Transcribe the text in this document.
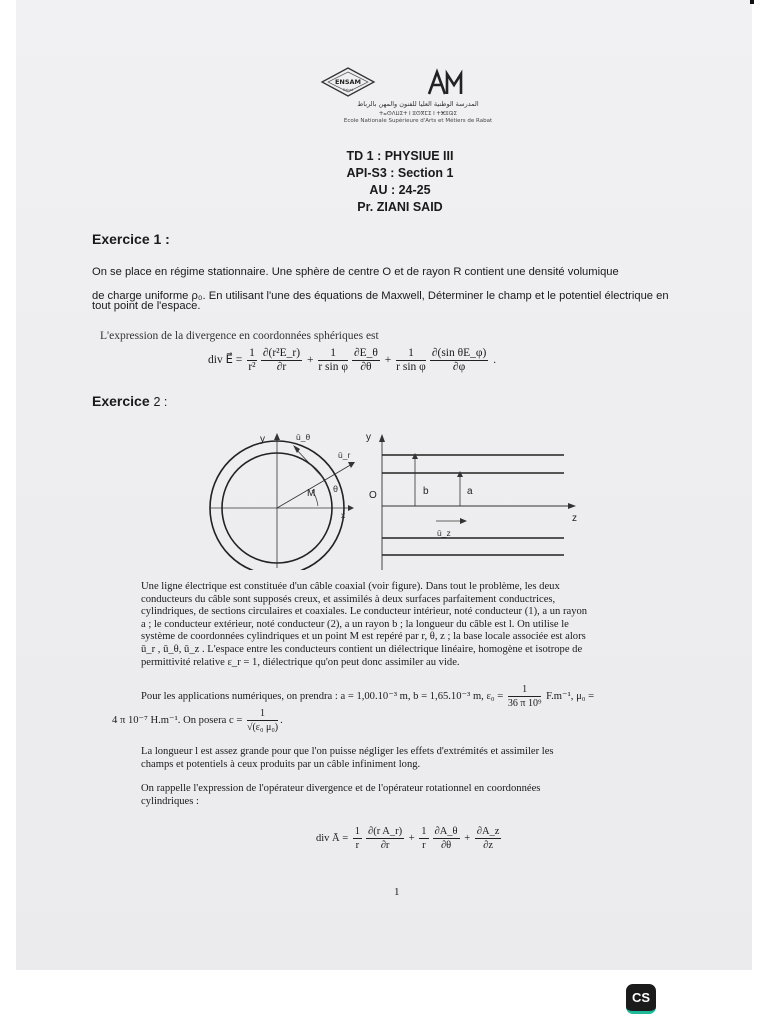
ENSAM
Rabat
AM
المدرسة الوطنية العليا للفنون والمهن بالرباط
ⵜⴰⵙⴷⵡⵉⵜ ⵏ ⵓⵙⴳⵎⵉ ⵏ ⵜⵥⵓⵕⵉ
Ecole Nationale Supérieure d'Arts et Métiers de Rabat
TD 1 : PHYSIUE III
API-S3 : Section 1
AU : 24-25
Pr. ZIANI SAID
Exercice 1 :
On se place en régime stationnaire. Une sphère de centre O et de rayon R contient une densité volumique
de charge uniforme ρ₀. En utilisant l'une des équations de Maxwell, Déterminer le champ et le potentiel électrique en
tout point de l'espace.
L'expression de la divergence en coordonnées sphériques est
div E⃗ = $\frac{1}{\text{r²}} \frac{\text{∂(r²E\_r)}}{\partial r} + \frac{1}{\text{r sin φ}} \frac{\partial E\_\theta}{\partial\theta} + \frac{1}{\text{r sin φ}} \frac{\text{∂(sin θE\_φ)}}{\partial\varphi}$ .
Exercice 2 :
y	ū_θ
ū_r
M θ
x
y
O	b	a
z
ū_z
Une ligne électrique est constituée d'un câble coaxial (voir figure). Dans tout le problème, les deux
conducteurs du câble sont supposés creux, et assimilés à deux surfaces parfaitement conductrices,
cylindriques, de sections circulaires et coaxiales. Le conducteur intérieur, noté conducteur (1), a un rayon
a ; le conducteur extérieur, noté conducteur (2), a un rayon b ; la longueur du câble est l. On utilise le
système de coordonnées cylindriques et un point M est repéré par r, θ, z ; la base locale associée est alors
ū_r , ū_θ, ū_z . L'espace entre les conducteurs contient un diélectrique linéaire, homogène et isotrope de
permittivité relative ε_r = 1, diélectrique qu'on peut donc assimiler au vide.
Pour les applications numériques, on prendra : a = 1,00.10⁻³ m, b = 1,65.10⁻³ m, $\varepsilon_0 = \frac{1}{\text{36 π 10⁹}} F.m^{-1}$, μ₀ =
4 π 10⁻⁷ H.m⁻¹. On posera $c = \frac{1}{\text{√(ε₀ μ₀)}}$ .
La longueur l est assez grande pour que l'on puisse négliger les effets d'extrémités et assimiler les
champs et potentiels à ceux produits par un câble infiniment long.
On rappelle l'expression de l'opérateur divergence et de l'opérateur rotationnel en coordonnées
cylindriques :
div Ā = $\frac{1}{r} \frac{\text{∂(r A\_r)}}{\partial r} + \frac{1}{r} \frac{\partial A\_\theta}{\partial\theta} + \frac{\partial A\_z}{\partial z}$
1
CS
